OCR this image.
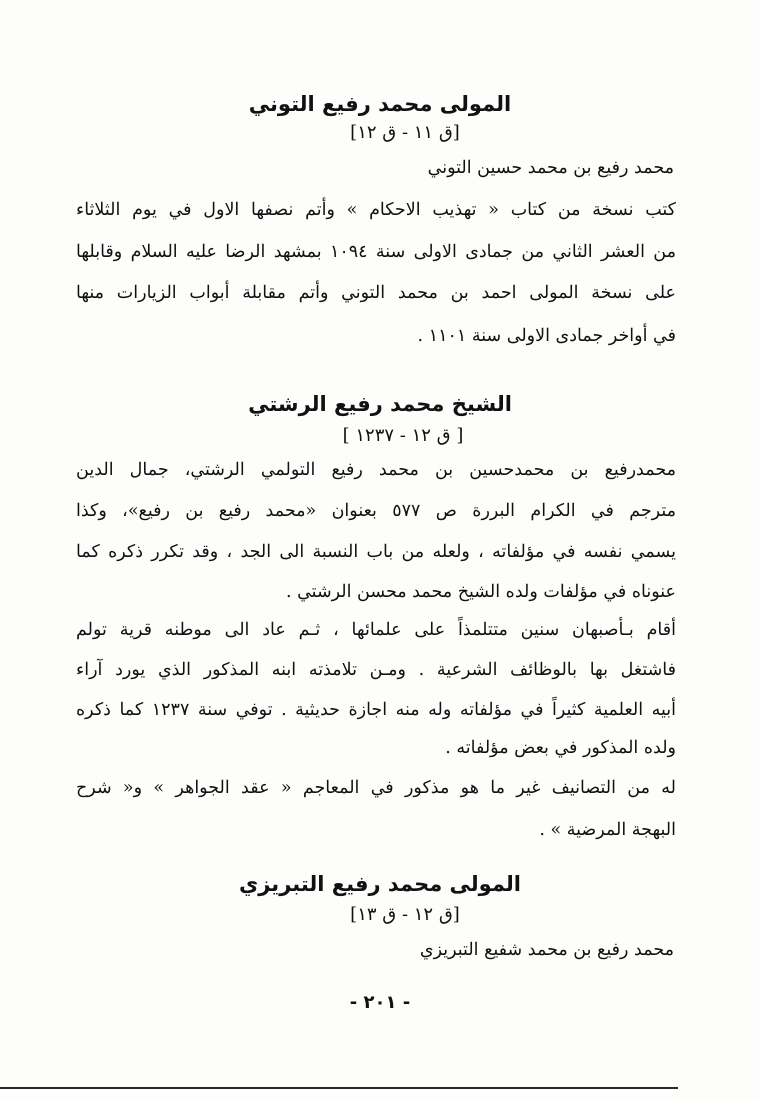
المولى محمد رفيع التوني
[ق ١١ - ق ١٢]
محمد رفيع بن محمد حسين التوني
كتب نسخة من كتاب « تهذيب الاحكام » وأتم نصفها الاول في يوم الثلاثاء
من العشر الثاني من جمادى الاولى سنة ١٠٩٤ بمشهد الرضا عليه السلام وقابلها
على نسخة المولى احمد بن محمد التوني وأتم مقابلة أبواب الزيارات منها
في أواخر جمادى الاولى سنة ١١٠١ .
الشيخ محمد رفيع الرشتي
[ ق ١٢ - ١٢٣٧ ]
محمدرفيع بن محمدحسين بن محمد رفيع التولمي الرشتي، جمال الدين
مترجم في الكرام البررة ص ٥٧٧ بعنوان «محمد رفيع بن رفيع»، وكذا
يسمي نفسه في مؤلفاته ، ولعله من باب النسبة الى الجد ، وقد تكرر ذكره كما
عنوناه في مؤلفات ولده الشيخ محمد محسن الرشتي .
أقام بـأصبهان سنين متتلمذاً على علمائها ، ثـم عاد الى موطنه قرية تولم
فاشتغل بها بالوظائف الشرعية . ومـن تلامذته ابنه المذكور الذي يورد آراء
أبيه العلمية كثيراً في مؤلفاته وله منه اجازة حديثية . توفي سنة ١٢٣٧ كما ذكره
ولده المذكور في بعض مؤلفاته .
له من التصانيف غير ما هو مذكور في المعاجم « عقد الجواهر » و« شرح
البهجة المرضية » .
المولى محمد رفيع التبريزي
[ق ١٢ - ق ١٣]
محمد رفيع بن محمد شفيع التبريزي
- ٢٠١ -
